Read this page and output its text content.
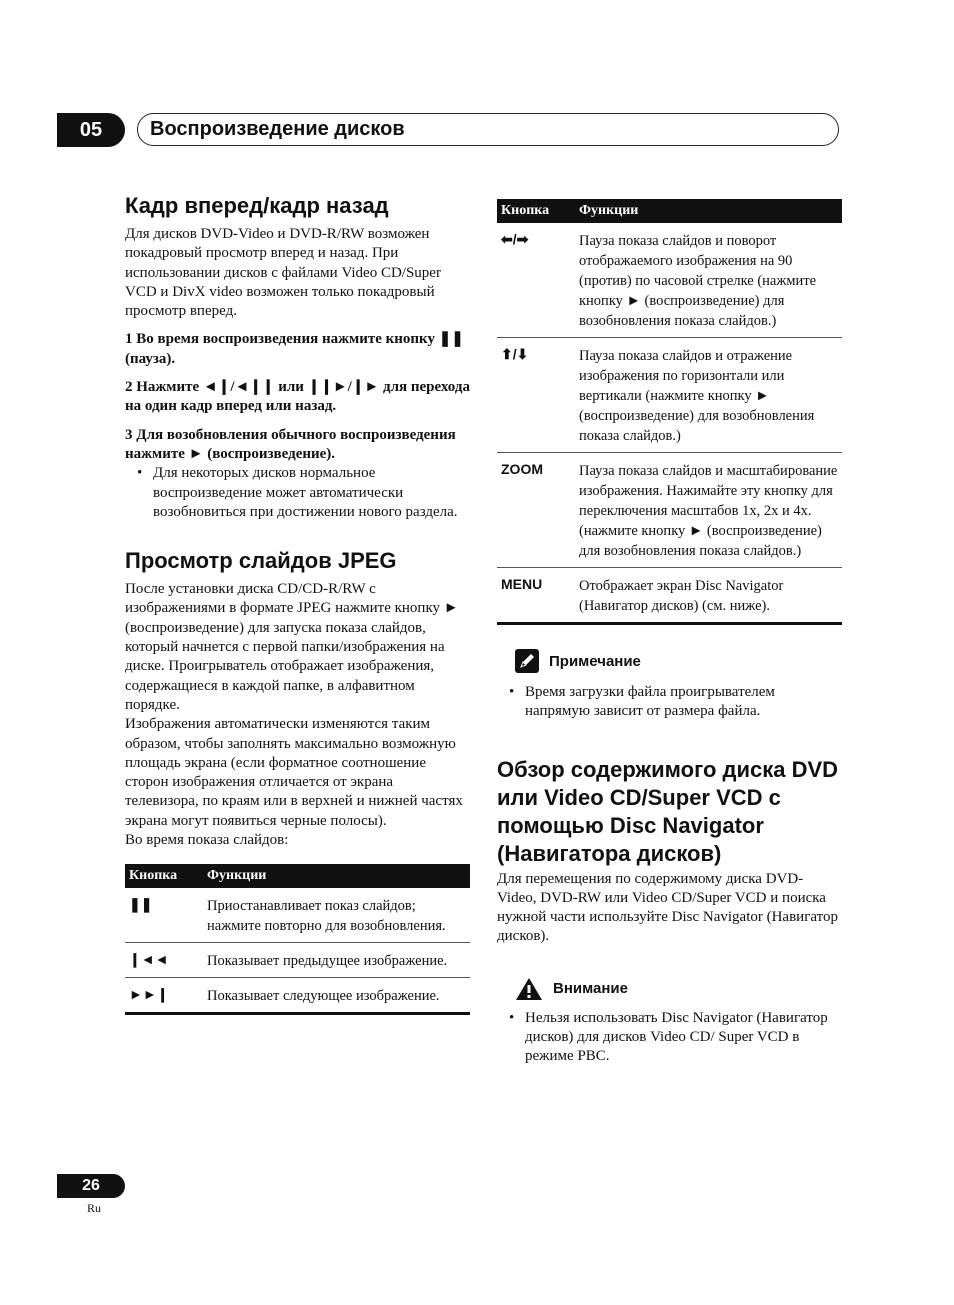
05	Воспроизведение дисков
Кадр вперед/кадр назад

Для дисков DVD-Video и DVD-R/RW возможен покадровый просмотр вперед и назад. При использовании дисков с файлами Video CD/Super VCD и DivX video возможен только покадровый просмотр вперед.

1 Во время воспроизведения нажмите кнопку ❚❚ (пауза).

2 Нажмите ◄❙/◄❙❙ или ❙❙►/❙► для перехода на один кадр вперед или назад.

3 Для возобновления обычного воспроизведения нажмите ► (воспроизведение).

• Для некоторых дисков нормальное воспроизведение может автоматически возобновиться при достижении нового раздела.
Просмотр слайдов JPEG

После установки диска CD/CD-R/RW с изображениями в формате JPEG нажмите кнопку ► (воспроизведение) для запуска показа слайдов, который начнется с первой папки/изображения на диске. Проигрыватель отображает изображения, содержащиеся в каждой папке, в алфавитном порядке.

Изображения автоматически изменяются таким образом, чтобы заполнять максимально возможную площадь экрана (если форматное соотношение сторон изображения отличается от экрана телевизора, по краям или в верхней и нижней частях экрана могут появиться черные полосы).

Во время показа слайдов:

Кнопка	Функции
❚❚	Приостанавливает показ слайдов; нажмите повторно для возобновления.
❙◄◄	Показывает предыдущее изображение.
►►❙	Показывает следующее изображение.
Кнопка	Функции
⬅/➡	Пауза показа слайдов и поворот отображаемого изображения на 90 (против) по часовой стрелке (нажмите кнопку ► (воспроизведение) для возобновления показа слайдов.)
⬆/⬇	Пауза показа слайдов и отражение изображения по горизонтали или вертикали (нажмите кнопку ► (воспроизведение) для возобновления показа слайдов.)
ZOOM	Пауза показа слайдов и масштабирование изображения. Нажимайте эту кнопку для переключения масштабов 1x, 2x и 4x. (нажмите кнопку ► (воспроизведение) для возобновления показа слайдов.)
MENU	Отображает экран Disc Navigator (Навигатор дисков) (см. ниже).
Примечание
• Время загрузки файла проигрывателем напрямую зависит от размера файла.
Обзор содержимого диска DVD или Video CD/Super VCD с помощью Disc Navigator (Навигатора дисков)

Для перемещения по содержимому диска DVD-Video, DVD-RW или Video CD/Super VCD и поиска нужной части используйте Disc Navigator (Навигатор дисков).

Внимание
• Нельзя использовать Disc Navigator (Навигатор дисков) для дисков Video CD/ Super VCD в режиме PBC.
26
Ru
